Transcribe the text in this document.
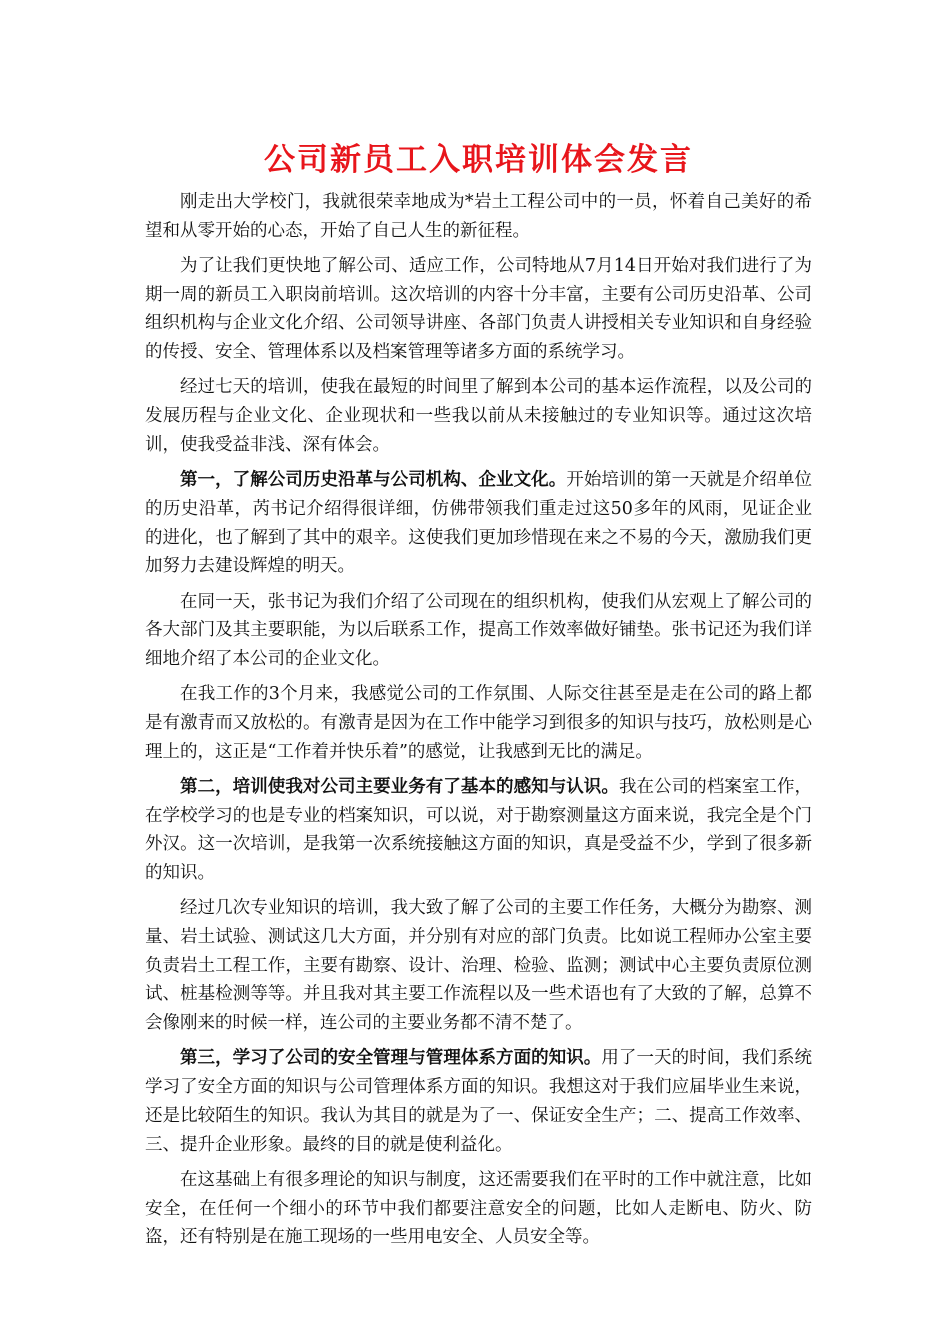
公司新员工入职培训体会发言

刚走出大学校门，我就很荣幸地成为*岩土工程公司中的一员，怀着自己美好的希望和从零开始的心态，开始了自己人生的新征程。

为了让我们更快地了解公司、适应工作，公司特地从7月14日开始对我们进行了为期一周的新员工入职岗前培训。这次培训的内容十分丰富，主要有公司历史沿革、公司组织机构与企业文化介绍、公司领导讲座、各部门负责人讲授相关专业知识和自身经验的传授、安全、管理体系以及档案管理等诸多方面的系统学习。

经过七天的培训，使我在最短的时间里了解到本公司的基本运作流程，以及公司的发展历程与企业文化、企业现状和一些我以前从未接触过的专业知识等。通过这次培训，使我受益非浅、深有体会。

第一，了解公司历史沿革与公司机构、企业文化。开始培训的第一天就是介绍单位的历史沿革，芮书记介绍得很详细，仿佛带领我们重走过这50多年的风雨，见证企业的进化，也了解到了其中的艰辛。这使我们更加珍惜现在来之不易的今天，激励我们更加努力去建设辉煌的明天。

在同一天，张书记为我们介绍了公司现在的组织机构，使我们从宏观上了解公司的各大部门及其主要职能，为以后联系工作，提高工作效率做好铺垫。张书记还为我们详细地介绍了本公司的企业文化。

在我工作的3个月来，我感觉公司的工作氛围、人际交往甚至是走在公司的路上都是有激青而又放松的。有激青是因为在工作中能学习到很多的知识与技巧，放松则是心理上的，这正是“工作着并快乐着”的感觉，让我感到无比的满足。

第二，培训使我对公司主要业务有了基本的感知与认识。我在公司的档案室工作，在学校学习的也是专业的档案知识，可以说，对于勘察测量这方面来说，我完全是个门外汉。这一次培训，是我第一次系统接触这方面的知识，真是受益不少，学到了很多新的知识。

经过几次专业知识的培训，我大致了解了公司的主要工作任务，大概分为勘察、测量、岩土试验、测试这几大方面，并分别有对应的部门负责。比如说工程师办公室主要负责岩土工程工作，主要有勘察、设计、治理、检验、监测；测试中心主要负责原位测试、桩基检测等等。并且我对其主要工作流程以及一些术语也有了大致的了解，总算不会像刚来的时候一样，连公司的主要业务都不清不楚了。

第三，学习了公司的安全管理与管理体系方面的知识。用了一天的时间，我们系统学习了安全方面的知识与公司管理体系方面的知识。我想这对于我们应届毕业生来说，还是比较陌生的知识。我认为其目的就是为了一、保证安全生产；二、提高工作效率、三、提升企业形象。最终的目的就是使利益化。

在这基础上有很多理论的知识与制度，这还需要我们在平时的工作中就注意，比如安全，在任何一个细小的环节中我们都要注意安全的问题，比如人走断电、防火、防盗，还有特别是在施工现场的一些用电安全、人员安全等。
